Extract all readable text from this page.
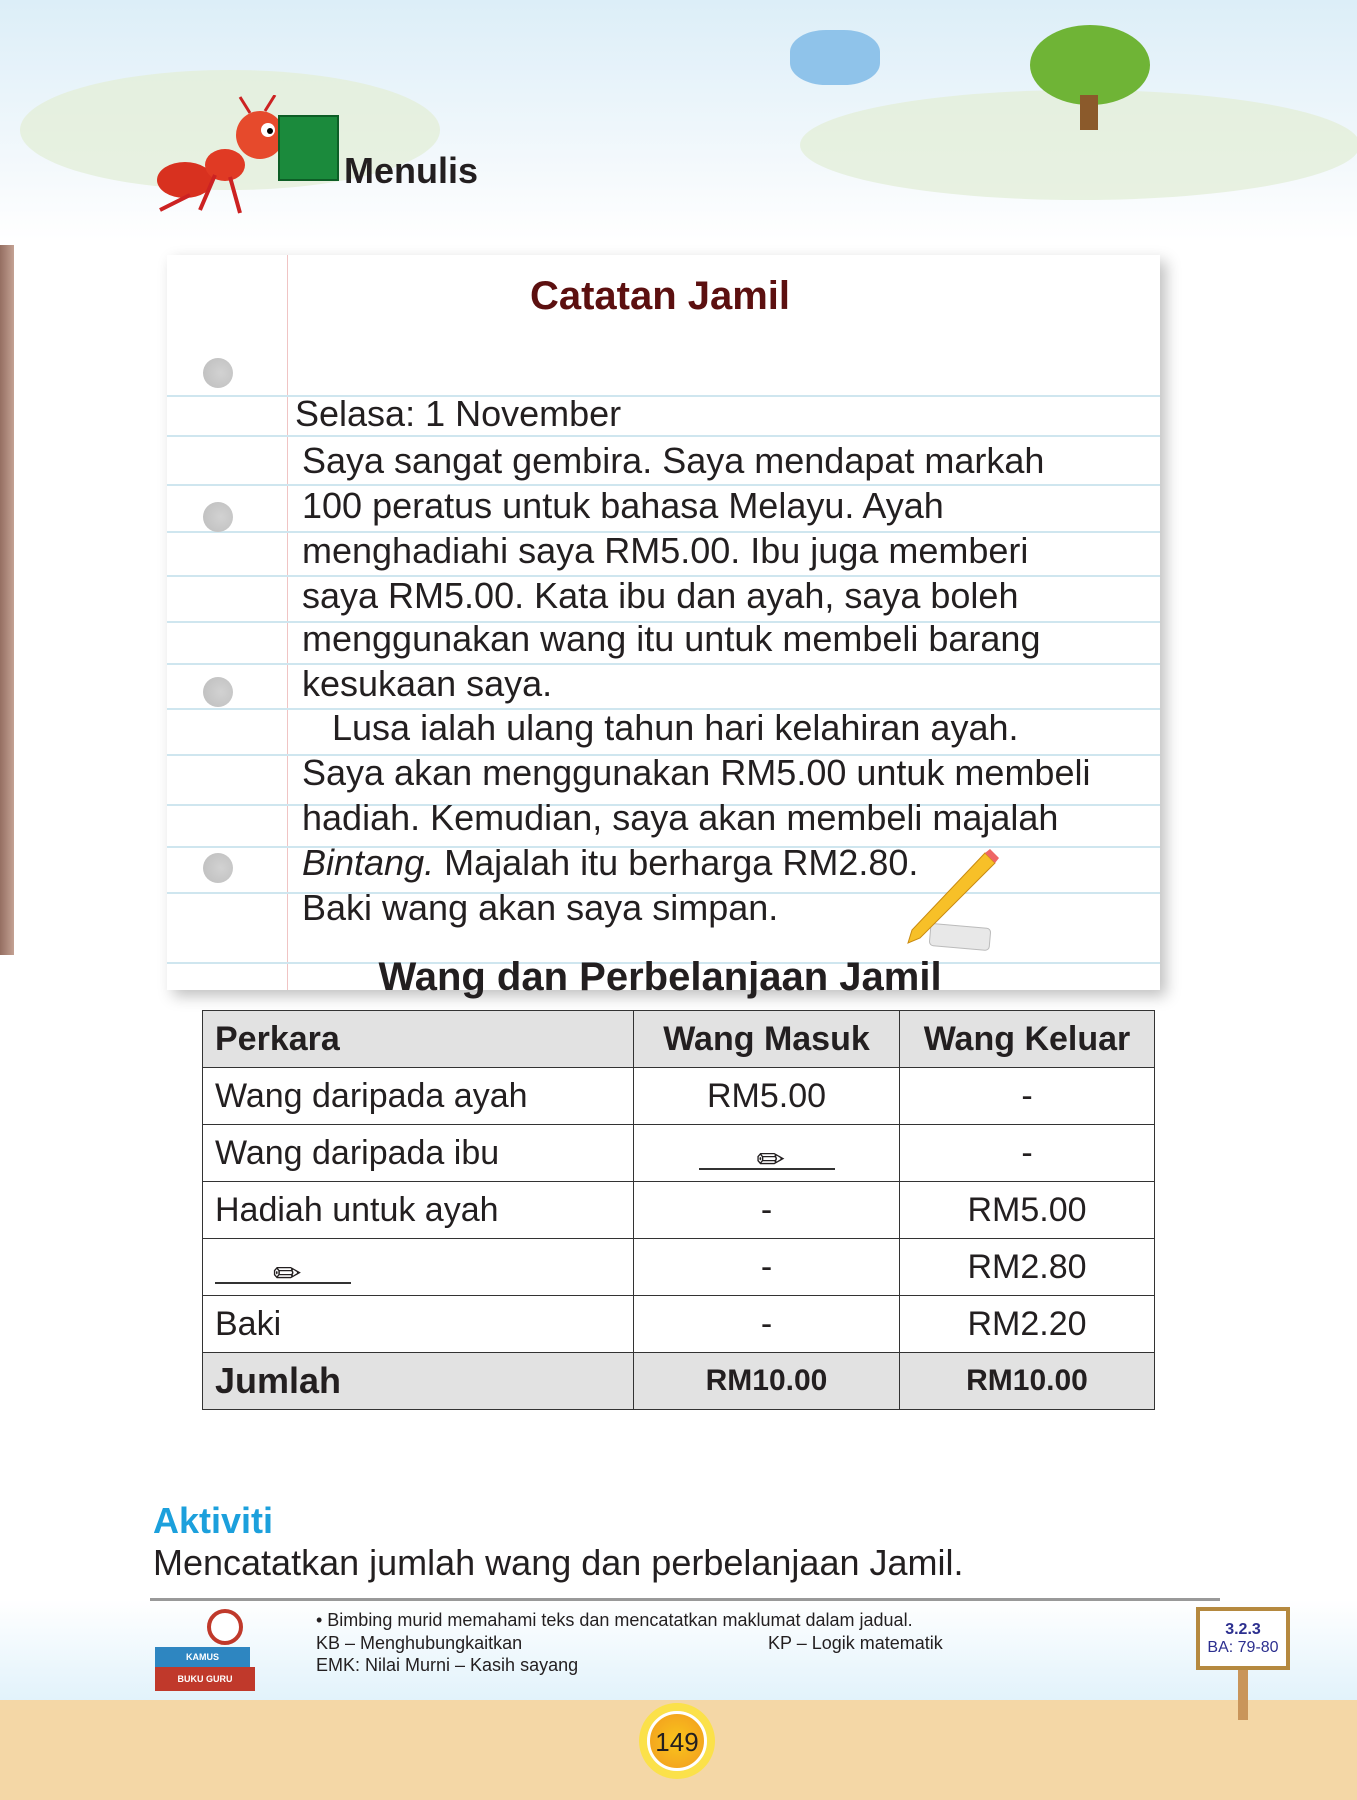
Menulis
Catatan Jamil
Selasa: 1 November
Saya sangat gembira. Saya mendapat markah
100 peratus untuk bahasa Melayu. Ayah
menghadiahi saya RM5.00. Ibu juga memberi
saya RM5.00. Kata ibu dan ayah, saya boleh
menggunakan wang itu untuk membeli barang
kesukaan saya.
Lusa ialah ulang tahun hari kelahiran ayah.
Saya akan menggunakan RM5.00 untuk membeli
hadiah. Kemudian, saya akan membeli majalah
Bintang. Majalah itu berharga RM2.80.
Baki wang akan saya simpan.
Wang dan Perbelanjaan Jamil
Perkara	Wang Masuk	Wang Keluar
Wang daripada ayah	RM5.00	-
Wang daripada ibu	✏	-
Hadiah untuk ayah	-	RM5.00

✏	-	RM2.80
Baki	-	RM2.20
Jumlah	RM10.00	RM10.00
Aktiviti
Mencatatkan jumlah wang dan perbelanjaan Jamil.
KAMUS
BUKU GURU
• Bimbing murid memahami teks dan mencatatkan maklumat dalam jadual.
KB – Menghubungkaitkan	KP – Logik matematik
EMK: Nilai Murni – Kasih sayang
3.2.3
BA: 79-80
149
